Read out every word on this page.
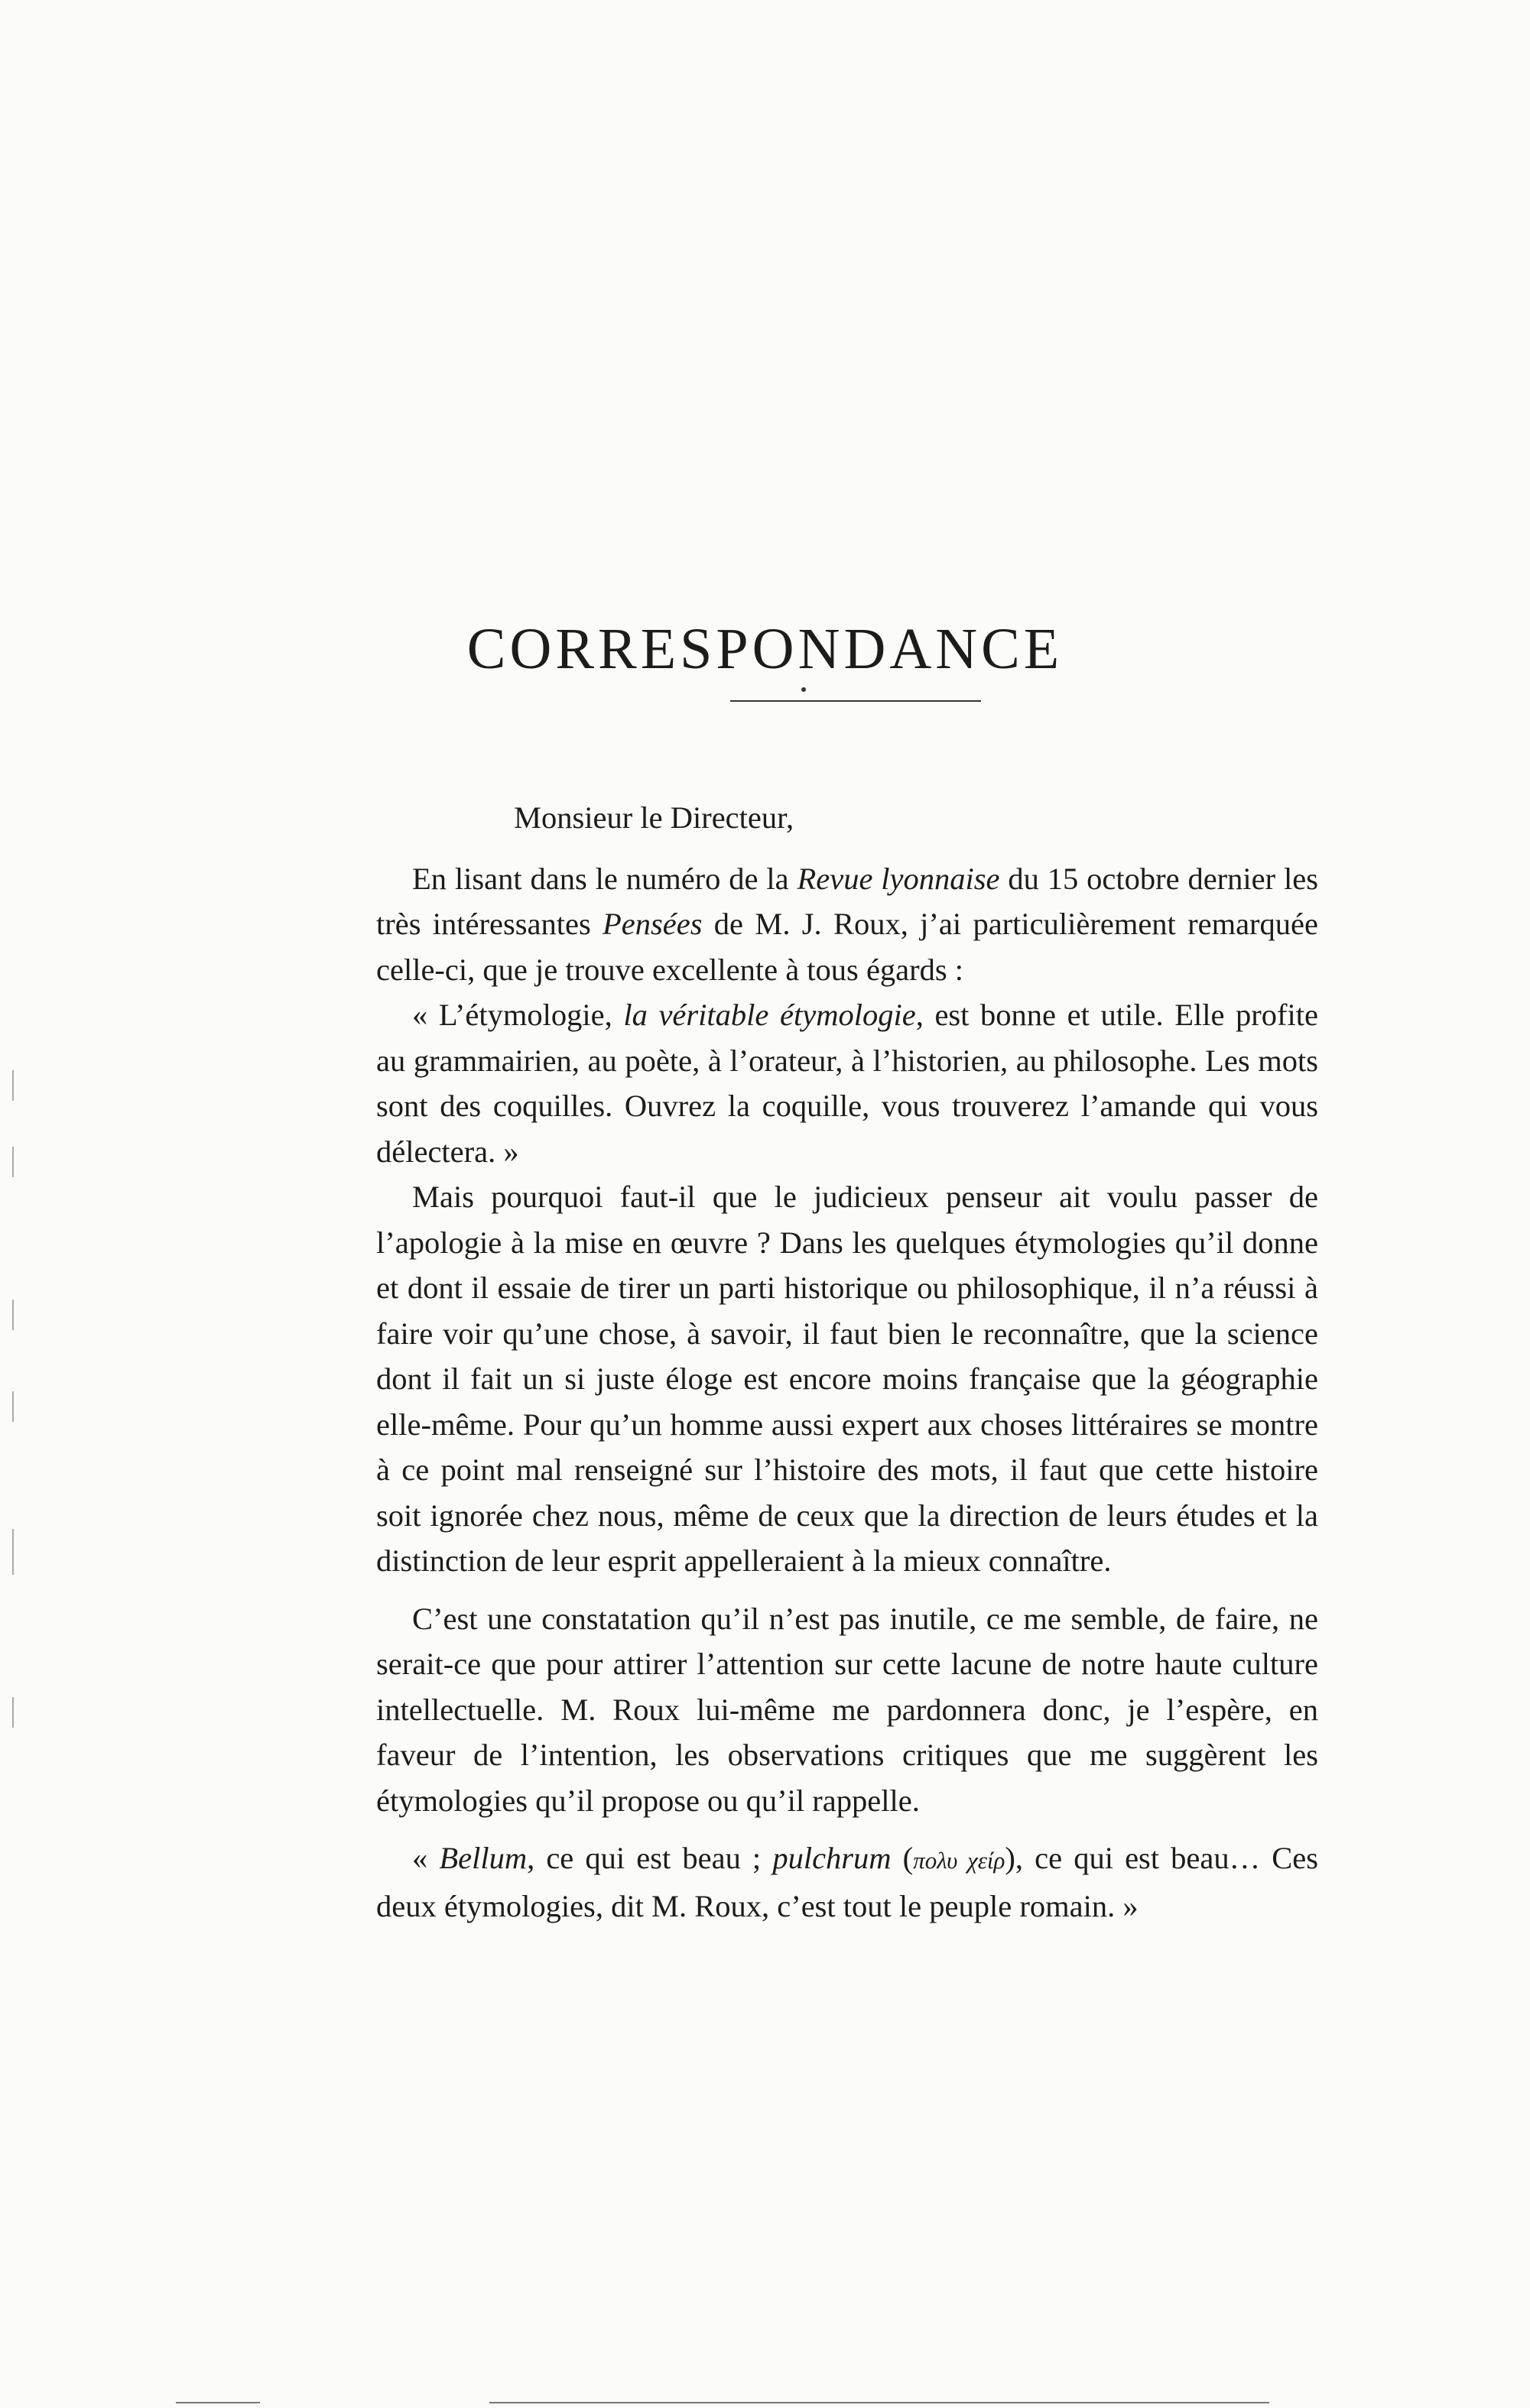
CORRESPONDANCE

Monsieur le Directeur,

En lisant dans le numéro de la Revue lyonnaise du 15 octobre dernier les très intéressantes Pensées de M. J. Roux, j’ai particulièrement remarquée celle-ci, que je trouve excellente à tous égards :

« L’étymologie, la véritable étymologie, est bonne et utile. Elle profite au grammairien, au poète, à l’orateur, à l’historien, au philosophe. Les mots sont des coquilles. Ouvrez la coquille, vous trouverez l’amande qui vous délectera. »

Mais pourquoi faut-il que le judicieux penseur ait voulu passer de l’apologie à la mise en œuvre ? Dans les quelques étymologies qu’il donne et dont il essaie de tirer un parti historique ou philosophique, il n’a réussi à faire voir qu’une chose, à savoir, il faut bien le reconnaître, que la science dont il fait un si juste éloge est encore moins française que la géographie elle-même. Pour qu’un homme aussi expert aux choses littéraires se montre à ce point mal renseigné sur l’histoire des mots, il faut que cette histoire soit ignorée chez nous, même de ceux que la direction de leurs études et la distinction de leur esprit appelleraient à la mieux connaître.

C’est une constatation qu’il n’est pas inutile, ce me semble, de faire, ne serait-ce que pour attirer l’attention sur cette lacune de notre haute culture intellectuelle. M. Roux lui-même me pardonnera donc, je l’espère, en faveur de l’intention, les observations critiques que me suggèrent les étymologies qu’il propose ou qu’il rappelle.

« Bellum, ce qui est beau ; pulchrum (πολυ χείρ), ce qui est beau… Ces deux étymologies, dit M. Roux, c’est tout le peuple romain. »
